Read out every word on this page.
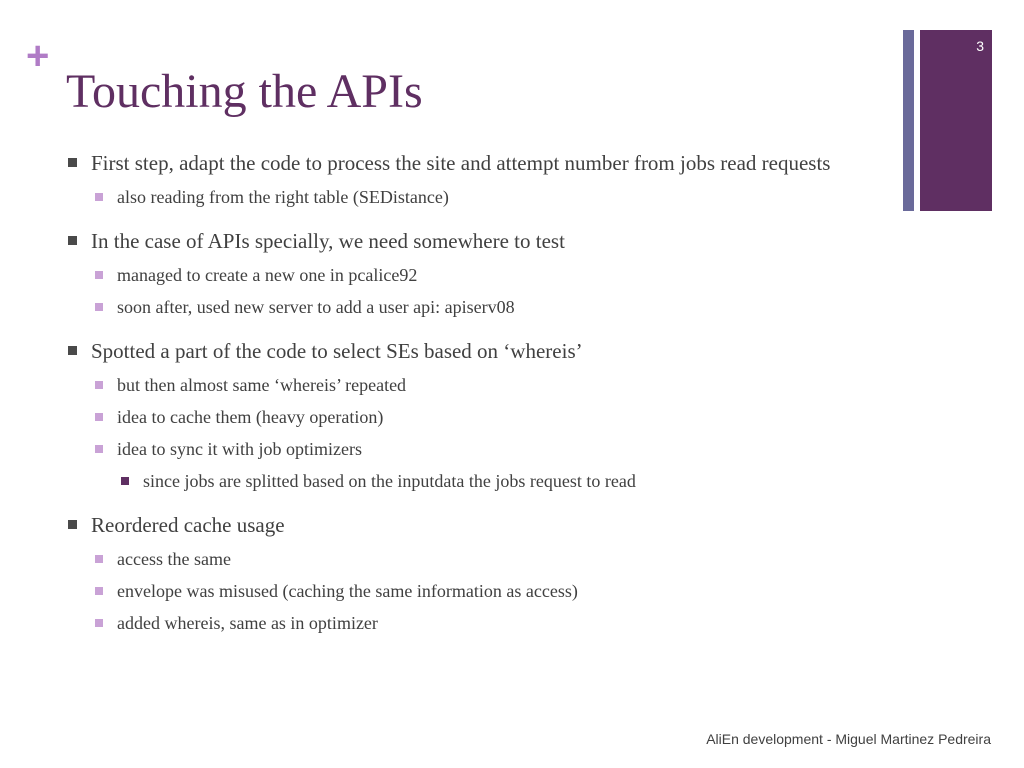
+
Touching the APIs
3
First step, adapt the code to process the site and attempt number from jobs read requests
also reading from the right table (SEDistance)
In the case of APIs specially, we need somewhere to test
managed to create a new one in pcalice92
soon after, used new server to add a user api: apiserv08
Spotted a part of the code to select SEs based on ‘whereis’
but then almost same ‘whereis’ repeated
idea to cache them (heavy operation)
idea to sync it with job optimizers
since jobs are splitted based on the inputdata the jobs request to read
Reordered cache usage
access the same
envelope was misused (caching the same information as access)
added whereis, same as in optimizer
AliEn development - Miguel Martinez Pedreira
